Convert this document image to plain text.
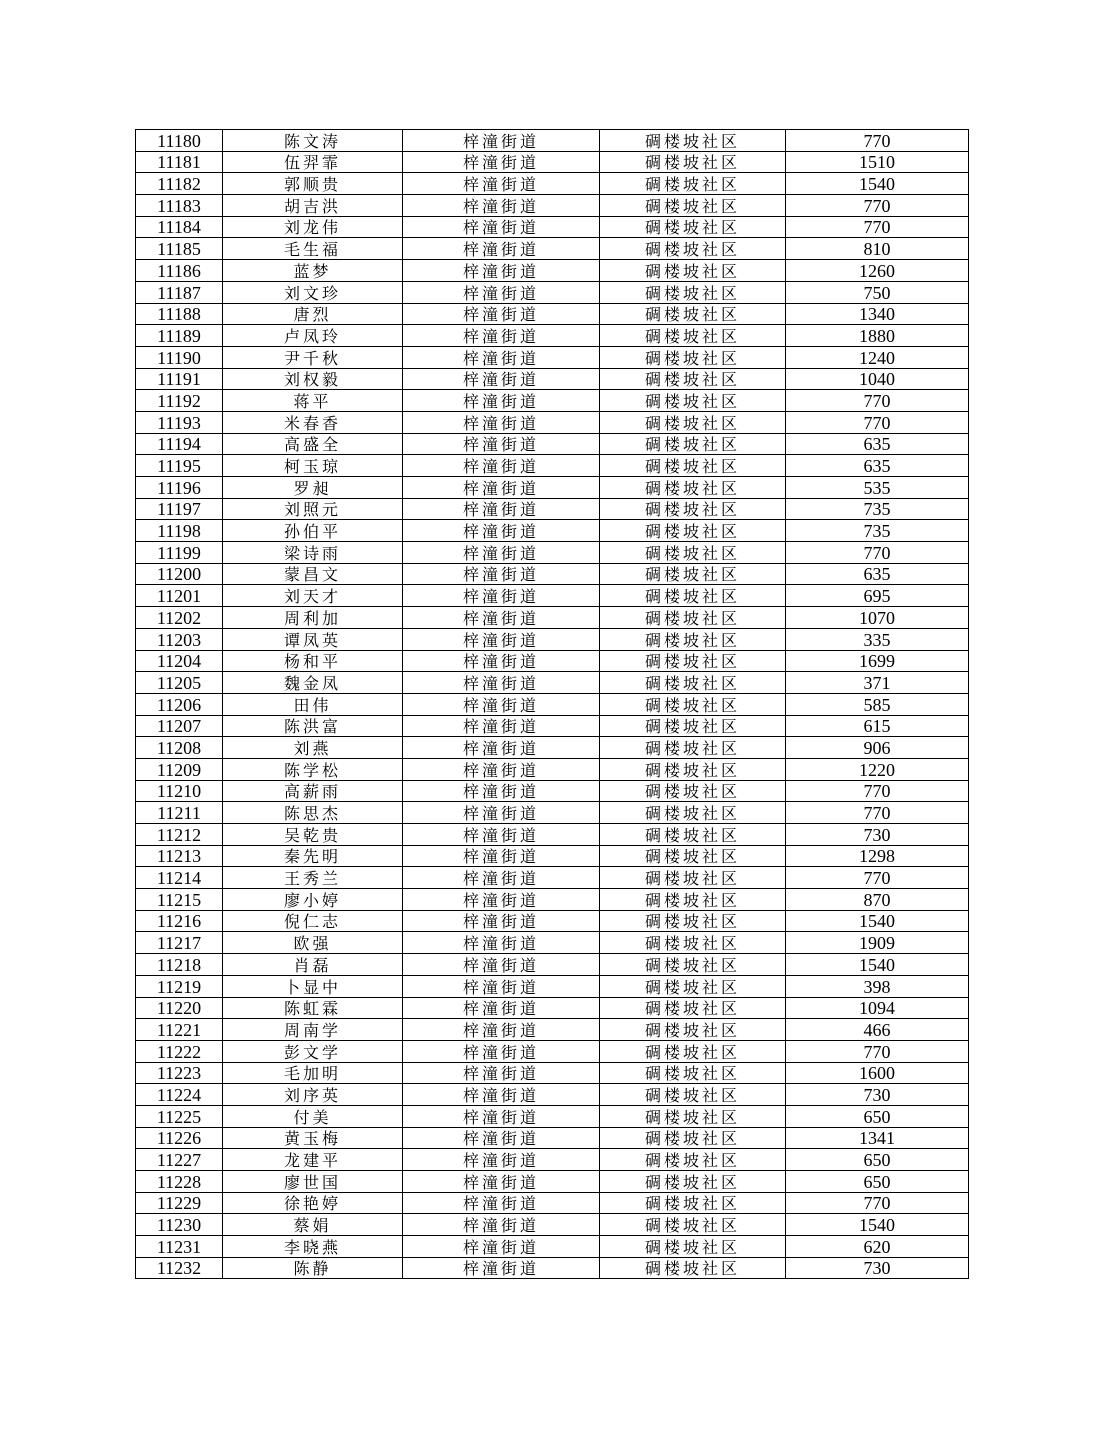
11180	陈文涛	梓潼街道	碉楼坡社区	770
11181	伍羿霏	梓潼街道	碉楼坡社区	1510
11182	郭顺贵	梓潼街道	碉楼坡社区	1540
11183	胡吉洪	梓潼街道	碉楼坡社区	770
11184	刘龙伟	梓潼街道	碉楼坡社区	770
11185	毛生福	梓潼街道	碉楼坡社区	810
11186	蓝梦	梓潼街道	碉楼坡社区	1260
11187	刘文珍	梓潼街道	碉楼坡社区	750
11188	唐烈	梓潼街道	碉楼坡社区	1340
11189	卢凤玲	梓潼街道	碉楼坡社区	1880
11190	尹千秋	梓潼街道	碉楼坡社区	1240
11191	刘权毅	梓潼街道	碉楼坡社区	1040
11192	蒋平	梓潼街道	碉楼坡社区	770
11193	米春香	梓潼街道	碉楼坡社区	770
11194	高盛全	梓潼街道	碉楼坡社区	635
11195	柯玉琼	梓潼街道	碉楼坡社区	635
11196	罗昶	梓潼街道	碉楼坡社区	535
11197	刘照元	梓潼街道	碉楼坡社区	735
11198	孙伯平	梓潼街道	碉楼坡社区	735
11199	梁诗雨	梓潼街道	碉楼坡社区	770
11200	蒙昌文	梓潼街道	碉楼坡社区	635
11201	刘天才	梓潼街道	碉楼坡社区	695
11202	周利加	梓潼街道	碉楼坡社区	1070
11203	谭凤英	梓潼街道	碉楼坡社区	335
11204	杨和平	梓潼街道	碉楼坡社区	1699
11205	魏金凤	梓潼街道	碉楼坡社区	371
11206	田伟	梓潼街道	碉楼坡社区	585
11207	陈洪富	梓潼街道	碉楼坡社区	615
11208	刘燕	梓潼街道	碉楼坡社区	906
11209	陈学松	梓潼街道	碉楼坡社区	1220
11210	高薪雨	梓潼街道	碉楼坡社区	770
11211	陈思杰	梓潼街道	碉楼坡社区	770
11212	吴乾贵	梓潼街道	碉楼坡社区	730
11213	秦先明	梓潼街道	碉楼坡社区	1298
11214	王秀兰	梓潼街道	碉楼坡社区	770
11215	廖小婷	梓潼街道	碉楼坡社区	870
11216	倪仁志	梓潼街道	碉楼坡社区	1540
11217	欧强	梓潼街道	碉楼坡社区	1909
11218	肖磊	梓潼街道	碉楼坡社区	1540
11219	卜显中	梓潼街道	碉楼坡社区	398
11220	陈虹霖	梓潼街道	碉楼坡社区	1094
11221	周南学	梓潼街道	碉楼坡社区	466
11222	彭文学	梓潼街道	碉楼坡社区	770
11223	毛加明	梓潼街道	碉楼坡社区	1600
11224	刘序英	梓潼街道	碉楼坡社区	730
11225	付美	梓潼街道	碉楼坡社区	650
11226	黄玉梅	梓潼街道	碉楼坡社区	1341
11227	龙建平	梓潼街道	碉楼坡社区	650
11228	廖世国	梓潼街道	碉楼坡社区	650
11229	徐艳婷	梓潼街道	碉楼坡社区	770
11230	蔡娟	梓潼街道	碉楼坡社区	1540
11231	李晓燕	梓潼街道	碉楼坡社区	620
11232	陈静	梓潼街道	碉楼坡社区	730
